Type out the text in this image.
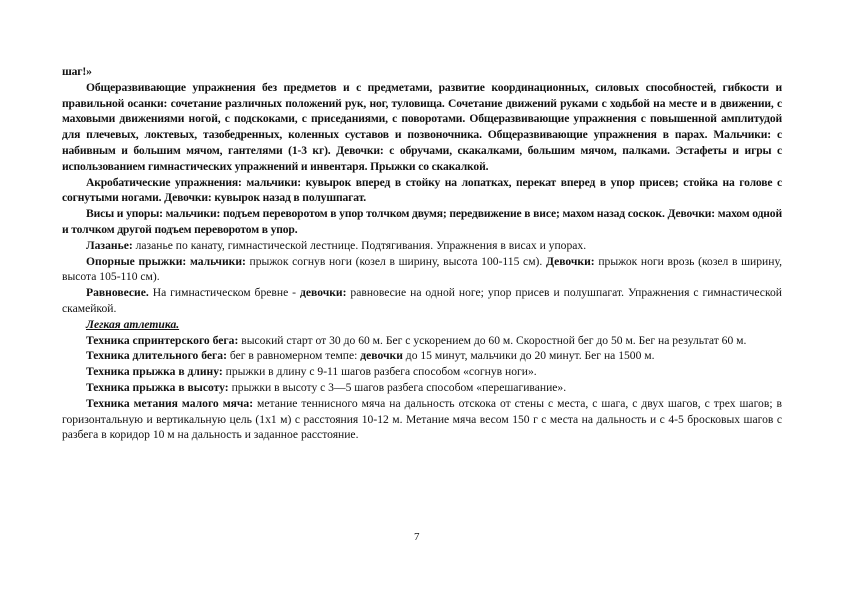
шаг!»

Общеразвивающие упражнения без предметов и с предметами, развитие координационных, силовых способностей, гибкости и правильной осанки: сочетание различных положений рук, ног, туловища. Сочетание движений руками с ходьбой на месте и в движении, с маховыми движениями ногой, с подскоками, с приседаниями, с поворотами. Общеразвивающие упражнения с повышенной амплитудой для плечевых, локтевых, тазобедренных, коленных суставов и позвоночника. Общеразвивающие упражнения в парах. Мальчики: с набивным и большим мячом, гантелями (1-3 кг). Девочки: с обручами, скакалками, большим мячом, палками. Эстафеты и игры с использованием гимнастических упражнений и инвентаря. Прыжки со скакалкой.

Акробатические упражнения: мальчики: кувырок вперед в стойку на лопатках, перекат вперед в упор присев; стойка на голове с согнутыми ногами. Девочки: кувырок назад в полушпагат.

Висы и упоры: мальчики: подъем переворотом в упор толчком двумя; передвижение в висе; махом назад соскок. Девочки: махом одной и толчком другой подъем переворотом в упор.

Лазанье: лазанье по канату, гимнастической лестнице. Подтягивания. Упражнения в висах и упорах.

Опорные прыжки: мальчики: прыжок согнув ноги (козел в ширину, высота 100-115 см). Девочки: прыжок ноги врозь (козел в ширину, высота 105-110 см).

Равновесие. На гимнастическом бревне - девочки: равновесие на одной ноге; упор присев и полушпагат. Упражнения с гимнастической скамейкой.

Легкая атлетика.

Техника спринтерского бега: высокий старт от 30 до 60 м. Бег с ускорением до 60 м. Скоростной бег до 50 м. Бег на результат 60 м.

Техника длительного бега: бег в равномерном темпе: девочки до 15 минут, мальчики до 20 минут. Бег на 1500 м.

Техника прыжка в длину: прыжки в длину с 9-11 шагов разбега способом «согнув ноги».

Техника прыжка в высоту: прыжки в высоту с 3—5 шагов разбега способом «перешагивание».

Техника метания малого мяча: метание теннисного мяча на дальность отскока от стены с места, с шага, с двух шагов, с трех шагов; в горизонтальную и вертикальную цель (1х1 м) с расстояния 10-12 м. Метание мяча весом 150 г с места на дальность и с 4-5 бросковых шагов с разбега в коридор 10 м на дальность и заданное расстояние.

7
